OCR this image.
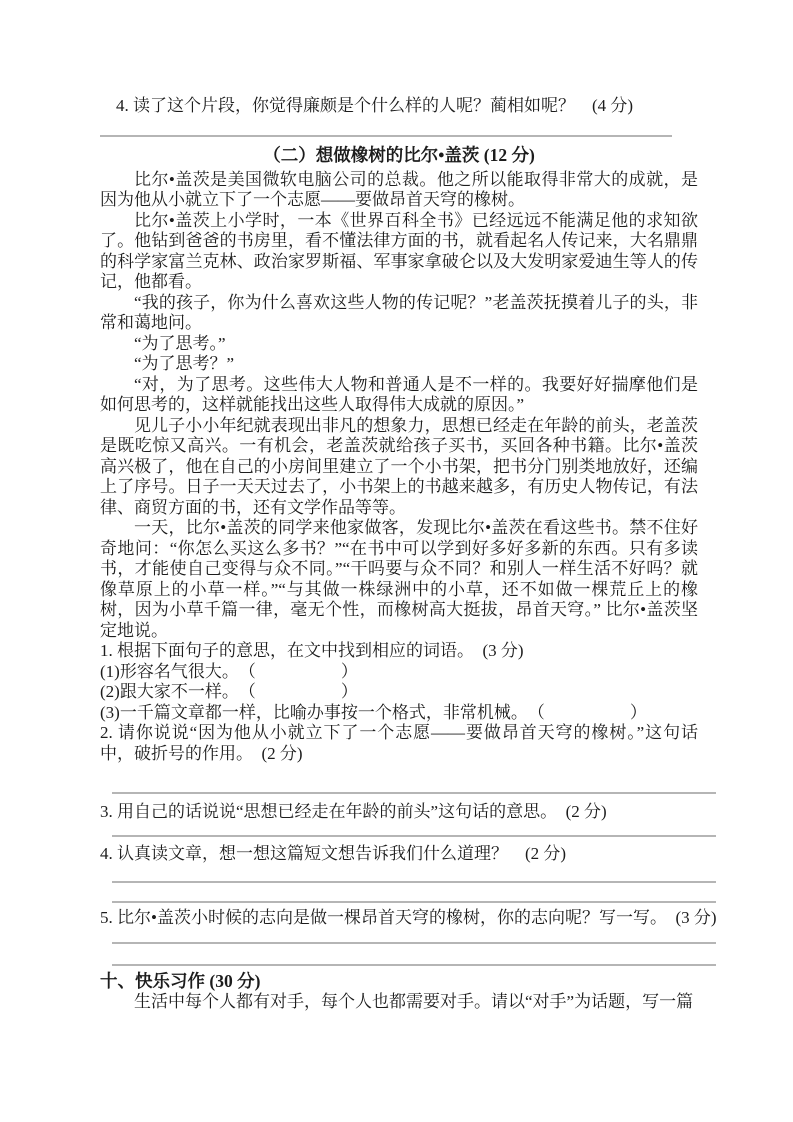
4. 读了这个片段，你觉得廉颇是个什么样的人呢？蔺相如呢？　(4 分)
（二）想做橡树的比尔•盖茨 (12 分)

比尔•盖茨是美国微软电脑公司的总裁。他之所以能取得非常大的成就，是因为他从小就立下了一个志愿——要做昂首天穹的橡树。

比尔•盖茨上小学时，一本《世界百科全书》已经远远不能满足他的求知欲了。他钻到爸爸的书房里，看不懂法律方面的书，就看起名人传记来，大名鼎鼎的科学家富兰克林、政治家罗斯福、军事家拿破仑以及大发明家爱迪生等人的传记，他都看。

“我的孩子，你为什么喜欢这些人物的传记呢？”老盖茨抚摸着儿子的头，非常和蔼地问。

“为了思考。”

“为了思考？”

“对，为了思考。这些伟大人物和普通人是不一样的。我要好好揣摩他们是如何思考的，这样就能找出这些人取得伟大成就的原因。”

见儿子小小年纪就表现出非凡的想象力，思想已经走在年龄的前头，老盖茨是既吃惊又高兴。一有机会，老盖茨就给孩子买书，买回各种书籍。比尔•盖茨高兴极了，他在自己的小房间里建立了一个小书架，把书分门别类地放好，还编上了序号。日子一天天过去了，小书架上的书越来越多，有历史人物传记，有法律、商贸方面的书，还有文学作品等等。

一天，比尔•盖茨的同学来他家做客，发现比尔•盖茨在看这些书。禁不住好奇地问：“你怎么买这么多书？”“在书中可以学到好多好多新的东西。只有多读书，才能使自己变得与众不同。”“干吗要与众不同？和别人一样生活不好吗？就像草原上的小草一样。”“与其做一株绿洲中的小草，还不如做一棵荒丘上的橡树，因为小草千篇一律，毫无个性，而橡树高大挺拔，昂首天穹。” 比尔•盖茨坚定地说。

1. 根据下面句子的意思，在文中找到相应的词语。　(3 分)
(1)形容名气很大。　（　　　　　）
(2)跟大家不一样。　（　　　　　）
(3)一千篇文章都一样，比喻办事按一个格式，非常机械。　（　　　　　）
2. 请你说说“因为他从小就立下了一个志愿——要做昂首天穹的橡树。”这句话中，破折号的作用。　(2 分)
3. 用自己的话说说“思想已经走在年龄的前头”这句话的意思。　(2 分)
4. 认真读文章，想一想这篇短文想告诉我们什么道理？　(2 分)
5. 比尔•盖茨小时候的志向是做一棵昂首天穹的橡树，你的志向呢？写一写。　(3 分)
十、快乐习作 (30 分)

生活中每个人都有对手，每个人也都需要对手。请以“对手”为话题，写一篇
